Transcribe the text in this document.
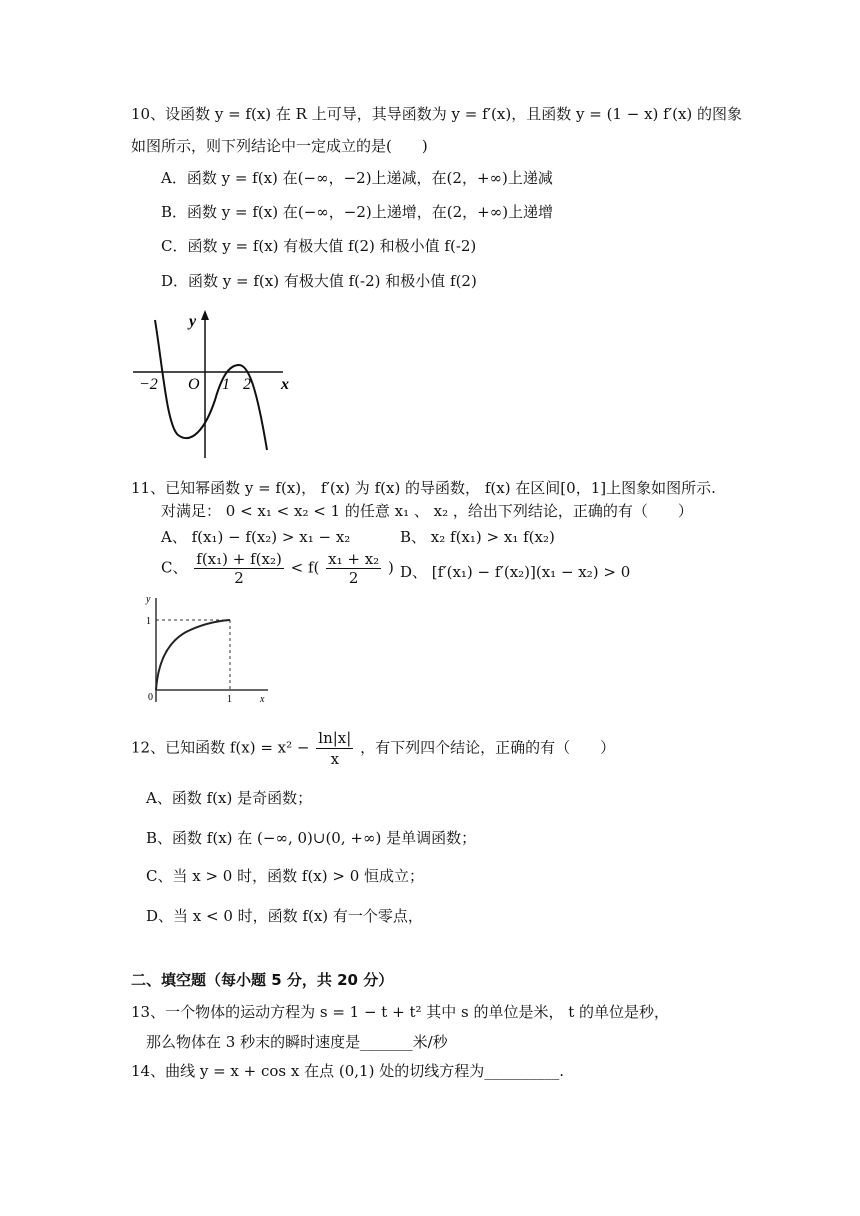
10、设函数 y = f(x) 在 R 上可导，其导函数为 y = f′(x)，且函数 y = (1 − x) f′(x) 的图象
如图所示，则下列结论中一定成立的是(　　)
A．函数 y = f(x) 在(−∞，−2)上递减，在(2，+∞)上递减
B．函数 y = f(x) 在(−∞，−2)上递增，在(2，+∞)上递增
C．函数 y = f(x) 有极大值 f(2) 和极小值 f(-2)
D．函数 y = f(x) 有极大值 f(-2) 和极小值 f(2)
y
−2 O 1 2 x
11、已知幂函数 y = f(x)， f′(x) 为 f(x) 的导函数， f(x) 在区间[0，1]上图象如图所示.
对满足： 0 < x₁ < x₂ < 1 的任意 x₁ 、 x₂ ，给出下列结论，正确的有（　　）
A、 f(x₁) − f(x₂) > x₁ − x₂	B、 x₂ f(x₁) > x₁ f(x₂)
C、 $\frac{\text{f(x₁) + f(x₂)}}{2} < f( \frac{\text{x₁ + x₂}}{2}$ ) D、 [f′(x₁) − f′(x₂)](x₁ − x₂) > 0
y
1
0	1	x
12、已知函数 $f(x) = x^2 - \frac{\ln|x|}{x}$ ，有下列四个结论，正确的有（　　）
A、函数 f(x) 是奇函数；
B、函数 f(x) 在 (−∞, 0)∪(0, +∞) 是单调函数；
C、当 x > 0 时，函数 f(x) > 0 恒成立；
D、当 x < 0 时，函数 f(x) 有一个零点，
二、填空题（每小题 5 分，共 20 分）
13、一个物体的运动方程为 s = 1 − t + t² 其中 s 的单位是米， t 的单位是秒，
那么物体在 3 秒末的瞬时速度是_______米/秒
14、曲线 y = x + cos x 在点 (0,1) 处的切线方程为__________.
